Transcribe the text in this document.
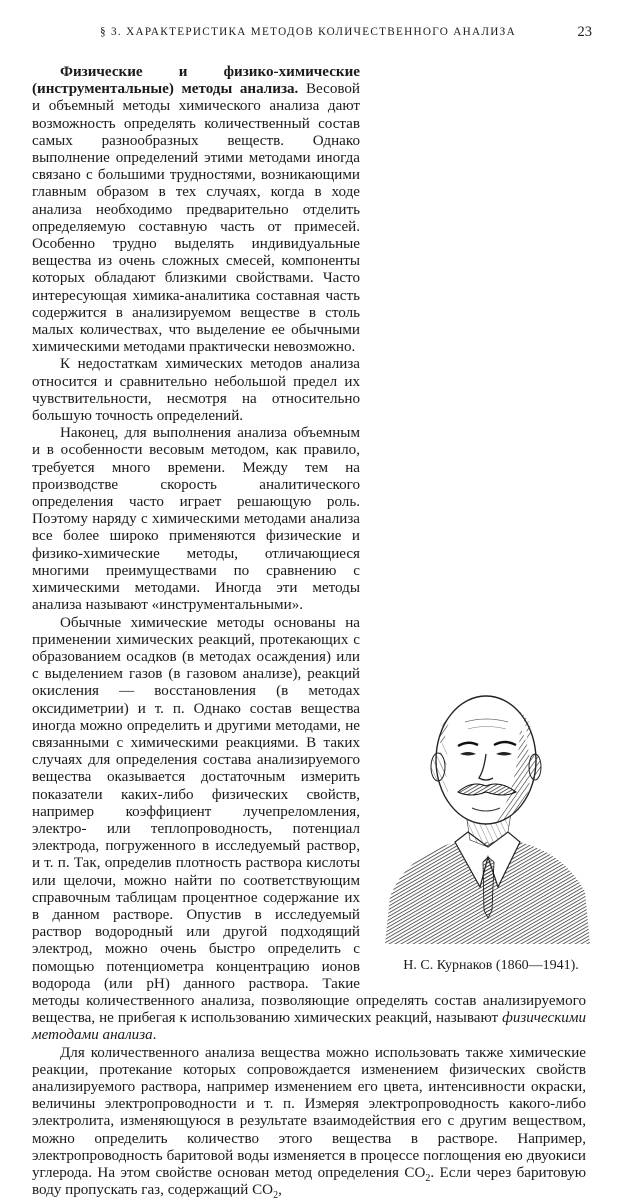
§ 3. ХАРАКТЕРИСТИКА МЕТОДОВ КОЛИЧЕСТВЕННОГО АНАЛИЗА	23

Физические и физико-химические (инструментальные) методы анализа. Весовой и объемный методы химического анализа дают возможность определять количественный состав самых разнообразных веществ. Однако выполнение определений этими методами иногда связано с большими трудностями, возникающими главным образом в тех случаях, когда в ходе анализа необходимо предварительно отделить определяемую составную часть от примесей. Особенно трудно выделять индивидуальные вещества из очень сложных смесей, компоненты которых обладают близкими свойствами. Часто интересующая химика-аналитика составная часть содержится в анализируемом веществе в столь малых количествах, что выделение ее обычными химическими методами практически невозможно.

К недостаткам химических методов анализа относится и сравнительно небольшой предел их чувствительности, несмотря на относительно большую точность определений.

Наконец, для выполнения анализа объемным и в особенности весовым методом, как правило, требуется много времени. Между тем на производстве скорость аналитического определения часто играет решающую роль. Поэтому наряду с химическими методами анализа все более широко применяются физические и физико-химические методы, отличающиеся многими преимуществами по сравнению с химическими методами. Иногда эти методы анализа называют «инструментальными».

Обычные химические методы основаны на применении химических реакций, протекающих с образованием осадков (в методах осаждения) или с выделением газов (в газовом анализе), реакций окисления — восстановления (в методах оксидиметрии) и т. п. Однако состав вещества иногда можно определить и другими методами, не связанными с химическими реакциями. В таких случаях для определения состава анализируемого вещества оказывается достаточным измерить показатели каких-либо физических свойств, например коэффициент лучепреломления, электро- или теплопроводность, потенциал электрода, погруженного в исследуемый раствор, и т. п. Так, определив плотность раствора кислоты или щелочи, можно найти по соответствующим справочным таблицам процентное содержание их в данном растворе. Опустив в исследуемый раствор водородный или другой подходящий электрод, можно очень быстро определить с помощью потенциометра концентрацию ионов водорода (или pH) данного раствора. Такие методы количественного анализа, позволяющие определять состав анализируемого вещества, не прибегая к использованию химических реакций, называют физическими методами анализа.

Для количественного анализа вещества можно использовать также химические реакции, протекание которых сопровождается изменением физических свойств анализируемого раствора, например изменением его цвета, интенсивности окраски, величины электропроводности и т. п. Измеряя электропроводность какого-либо электролита, изменяющуюся в результате взаимодействия его с другим веществом, можно определить количество этого вещества в растворе. Например, электропроводность баритовой воды изменяется в процессе поглощения ею двуокиси углерода. На этом свойстве основан метод определения $CO_2$. Если через баритовую воду пропускать газ, содержащий $CO_2$,

Н. С. Курнаков (1860—1941).
